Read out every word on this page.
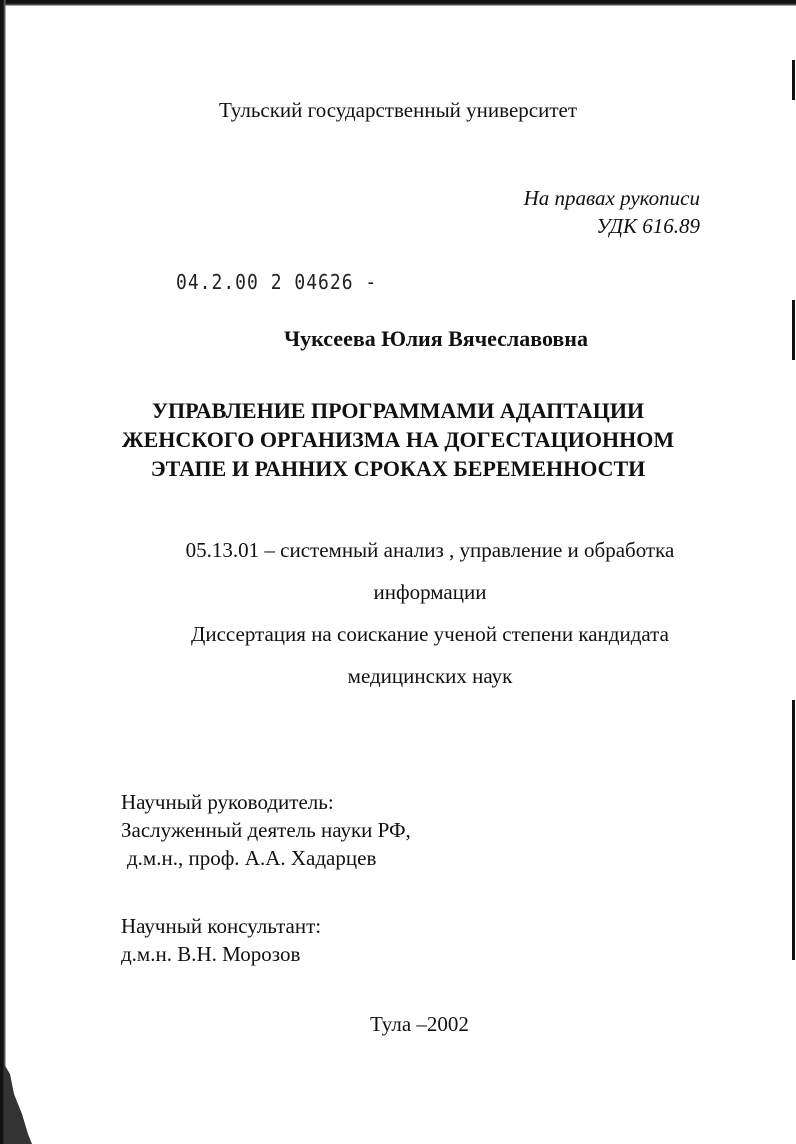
Тульский государственный университет
На правах рукописи
УДК 616.89
04.2.00 2 04626 -
Чуксеева Юлия Вячеславовна
УПРАВЛЕНИЕ ПРОГРАММАМИ АДАПТАЦИИ
ЖЕНСКОГО ОРГАНИЗМА НА ДОГЕСТАЦИОННОМ
ЭТАПЕ И РАННИХ СРОКАХ БЕРЕМЕННОСТИ
05.13.01 – системный анализ , управление и обработка
информации
Диссертация на соискание ученой степени кандидата
медицинских наук
Научный руководитель:
Заслуженный деятель науки РФ,
д.м.н., проф. А.А. Хадарцев
Научный консультант:
д.м.н. В.Н. Морозов
Тула –2002
